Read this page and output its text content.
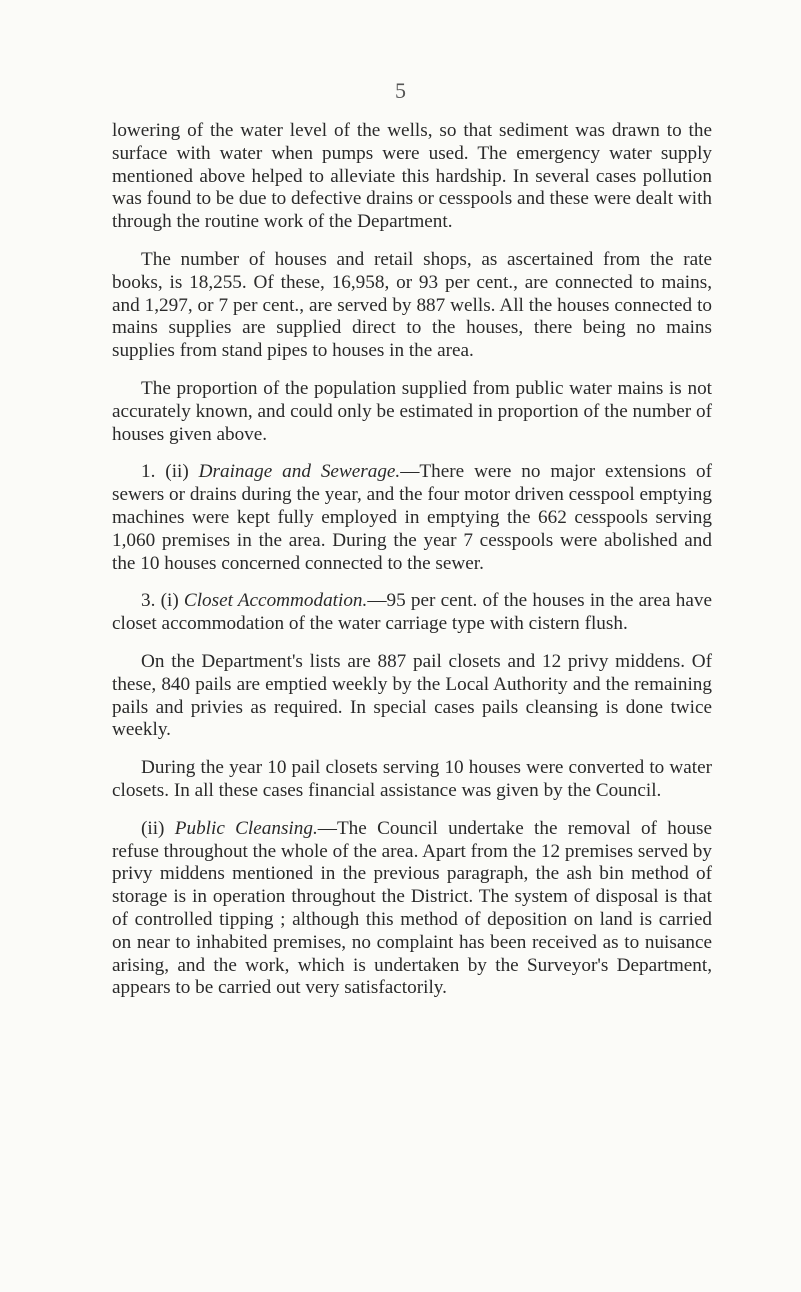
5

lowering of the water level of the wells, so that sediment was drawn to the surface with water when pumps were used. The emergency water supply mentioned above helped to alleviate this hardship. In several cases pollution was found to be due to defective drains or cesspools and these were dealt with through the routine work of the Department.

The number of houses and retail shops, as ascertained from the rate books, is 18,255. Of these, 16,958, or 93 per cent., are connected to mains, and 1,297, or 7 per cent., are served by 887 wells. All the houses connected to mains supplies are supplied direct to the houses, there being no mains supplies from stand pipes to houses in the area.

The proportion of the population supplied from public water mains is not accurately known, and could only be estimated in proportion of the number of houses given above.

1. (ii) Drainage and Sewerage.—There were no major extensions of sewers or drains during the year, and the four motor driven cesspool emptying machines were kept fully employed in emptying the 662 cesspools serving 1,060 premises in the area. During the year 7 cesspools were abolished and the 10 houses concerned connected to the sewer.

3. (i) Closet Accommodation.—95 per cent. of the houses in the area have closet accommodation of the water carriage type with cistern flush.

On the Department's lists are 887 pail closets and 12 privy middens. Of these, 840 pails are emptied weekly by the Local Authority and the remaining pails and privies as required. In special cases pails cleansing is done twice weekly.

During the year 10 pail closets serving 10 houses were converted to water closets. In all these cases financial assistance was given by the Council.

(ii) Public Cleansing.—The Council undertake the removal of house refuse throughout the whole of the area. Apart from the 12 premises served by privy middens mentioned in the previous paragraph, the ash bin method of storage is in operation throughout the District. The system of disposal is that of controlled tipping ; although this method of deposition on land is carried on near to inhabited premises, no complaint has been received as to nuisance arising, and the work, which is undertaken by the Surveyor's Department, appears to be carried out very satisfactorily.
